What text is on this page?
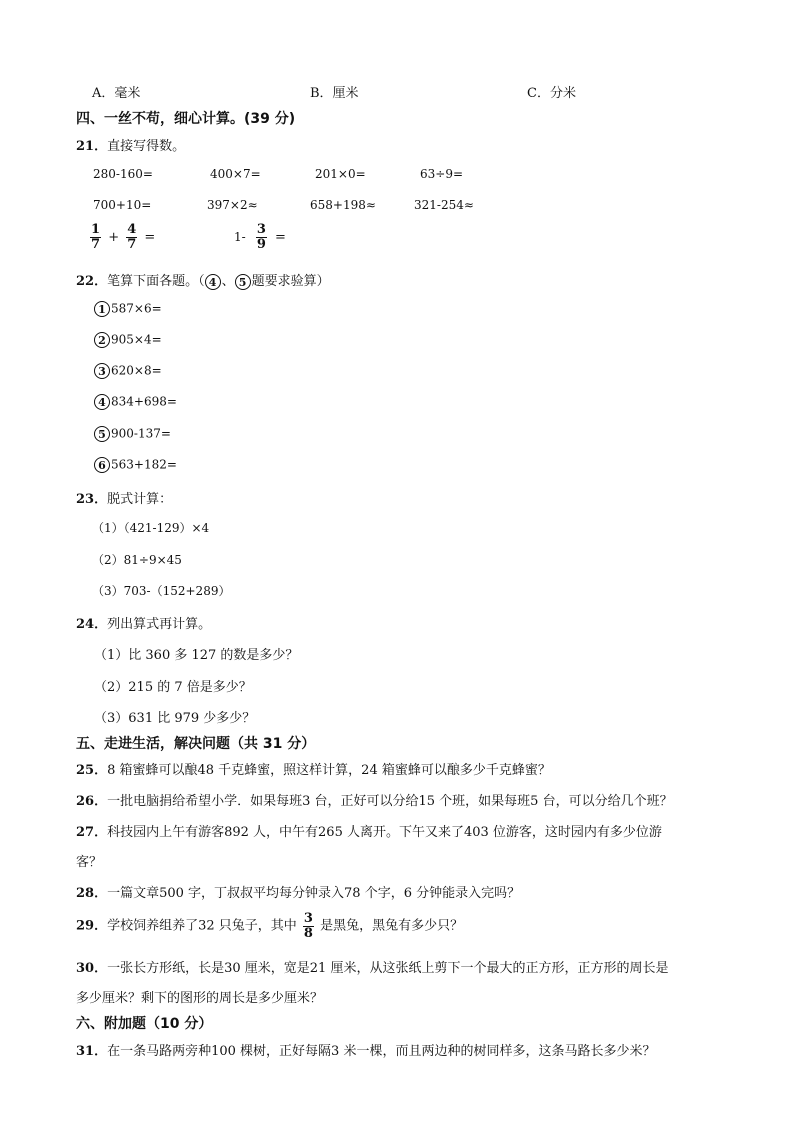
A．毫米	B．厘米	C．分米
四、一丝不苟，细心计算。(39 分)
21．直接写得数。
280-160=	400×7=	201×0=	63÷9=
700+10=	397×2≈	658+198≈	321-254≈
$\frac{1}{7} + \frac{4}{7}$ =	$1- \frac{3}{9}$ =
22．笔算下面各题。（ 4 、 5 题要求验算）
1 587×6=
2 905×4=
3 620×8=
4 834+698=
5 900-137=
6 563+182=
23．脱式计算：
（1）（421-129）×4
（2）81÷9×45
（3）703-（152+289）
24．列出算式再计算。
（1）比 360 多 127 的数是多少？
（2）215 的 7 倍是多少？
（3）631 比 979 少多少？
五、走进生活，解决问题（共 31 分）
25．8 箱蜜蜂可以酿48 千克蜂蜜，照这样计算，24 箱蜜蜂可以酿多少千克蜂蜜？
26．一批电脑捐给希望小学．如果每班3 台，正好可以分给15 个班，如果每班5 台，可以分给几个班？
27．科技园内上午有游客892 人，中午有265 人离开。下午又来了403 位游客，这时园内有多少位游
客？
28．一篇文章500 字，丁叔叔平均每分钟录入78 个字，6 分钟能录入完吗？
29．学校饲养组养了32 只兔子，其中 $\frac{3}{8}$ 是黑兔，黑兔有多少只？
30．一张长方形纸，长是30 厘米，宽是21 厘米，从这张纸上剪下一个最大的正方形，正方形的周长是
多少厘米？剩下的图形的周长是多少厘米？
六、附加题（10 分）
31．在一条马路两旁种100 棵树，正好每隔3 米一棵，而且两边种的树同样多，这条马路长多少米？
